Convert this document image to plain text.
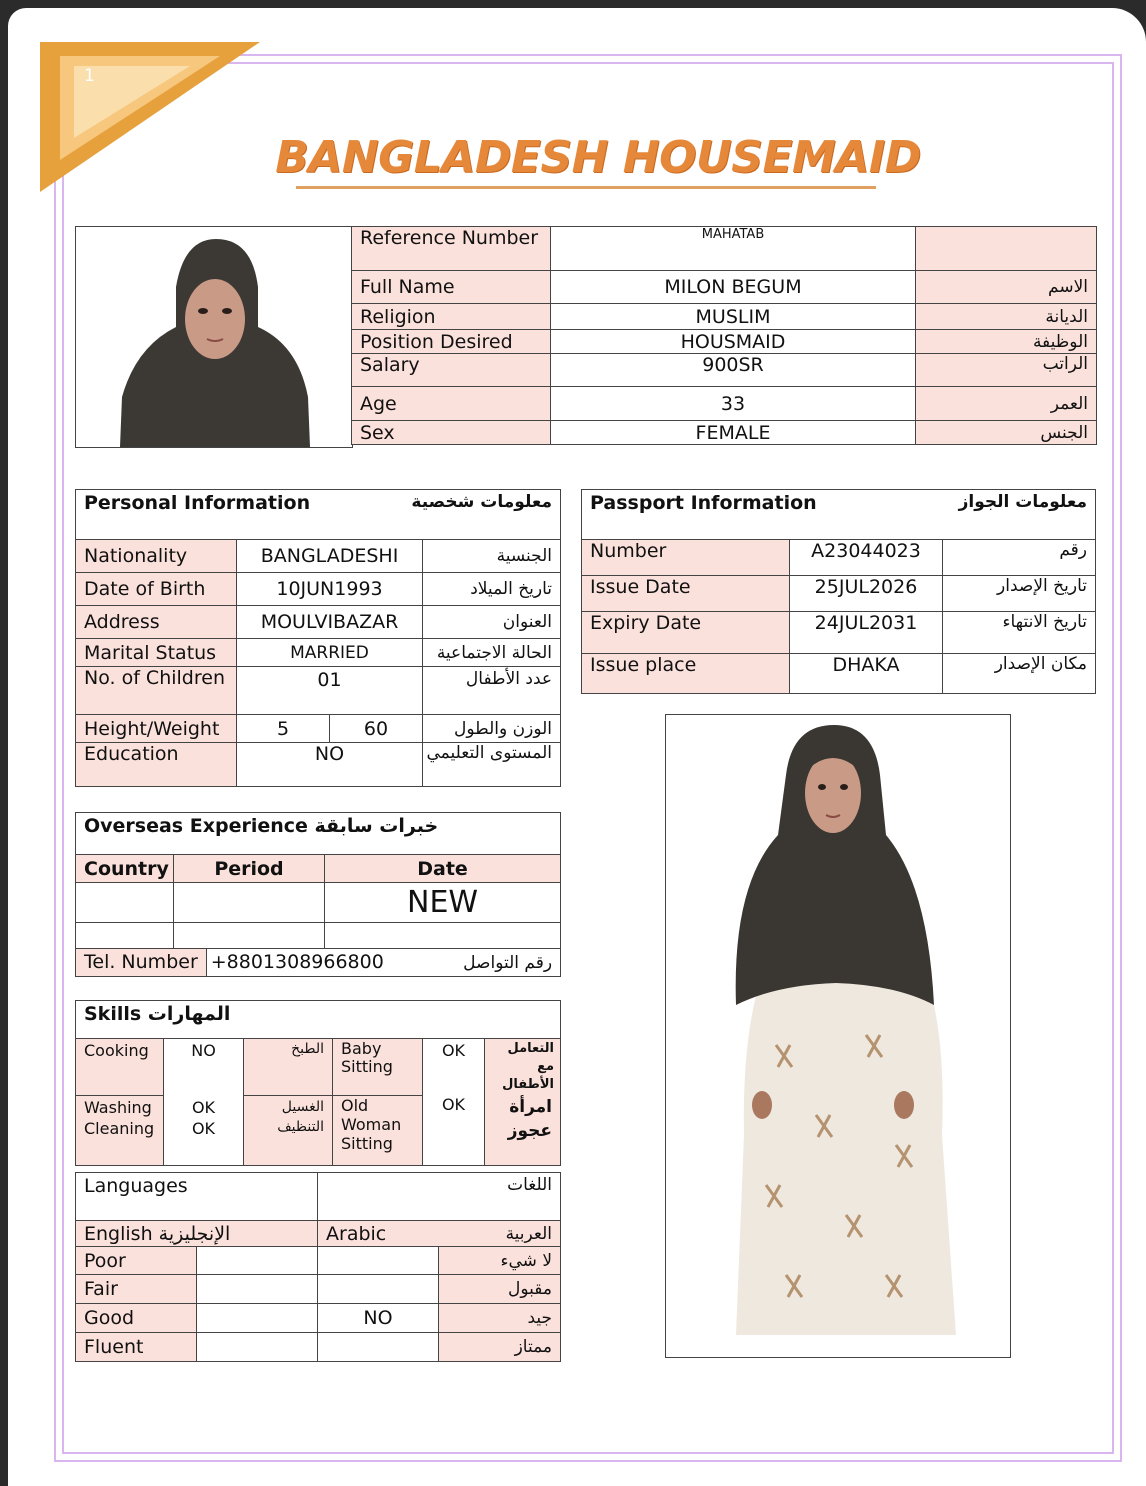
1
BANGLADESH HOUSEMAID
Reference Number	MAHATAB	
Full Name	MILON BEGUM	الاسم
Religion	MUSLIM	الديانة
Position Desired	HOUSMAID	الوظيفة
Salary	900SR	الراتب
Age	33	العمر
Sex	FEMALE	الجنس
Personal Information		معلومات شخصية	
Nationality	BANGLADESHI		الجنسية
Date of Birth	10JUN1993		تاريخ الميلاد
Address	MOULVIBAZAR		العنوان
Marital Status	MARRIED		الحالة الاجتماعية
No. of Children	01		عدد الأطفال
Height/Weight	5	60	الوزن والطول
Education	NO		المستوى التعليمي
Passport Information		معلومات الجواز
Number	A23044023	رقم
Issue Date	25JUL2026	تاريخ الإصدار
Expiry Date	24JUL2031	تاريخ الانتهاء
Issue place	DHAKA	مكان الإصدار
Overseas Experience خبرات سابقة		
Country	Period	Date
		NEW

Tel. Number +8801308966800		رقم التواصل
Skills المهارات					
Cooking	NO	الطبخ	Baby Sitting	OK	التعامل مع الأطفال
Washing	OK	الغسيل	Old Woman Sitting	OK	امرأة عجوز
Cleaning	OK	التنظيف			
Languages		اللغات	
English الإنجليزية		Arabic	العربية
Poor			لا شيء
Fair			مقبول
Good		NO	جيد
Fluent			ممتاز
